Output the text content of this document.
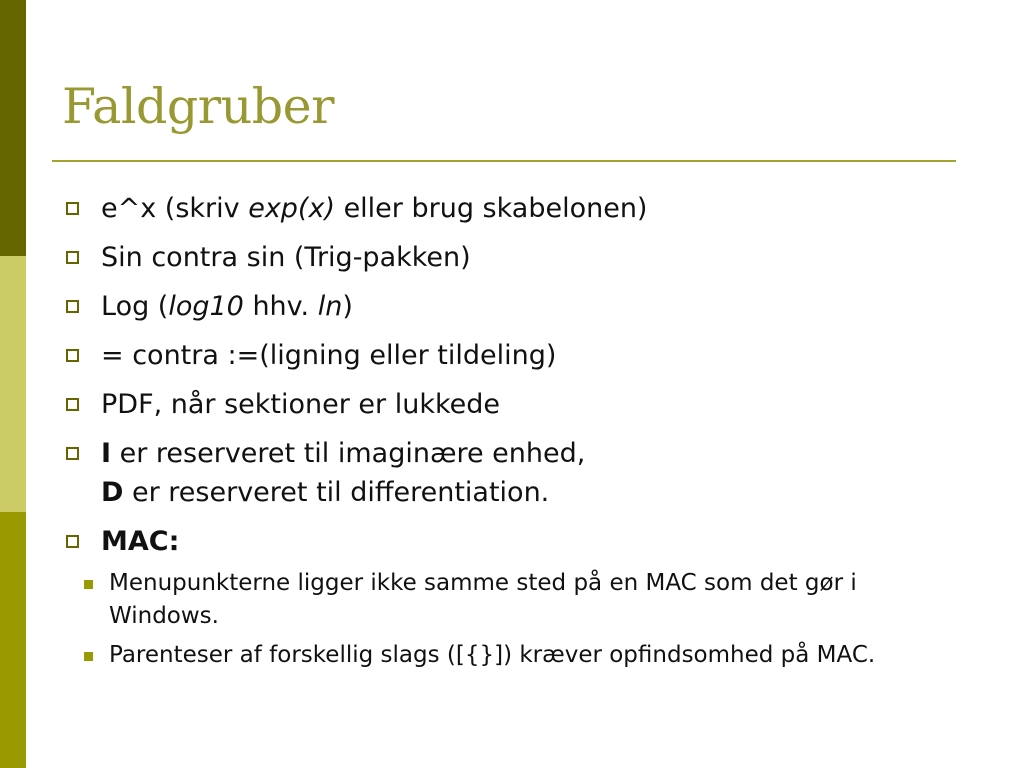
Faldgruber
e^x (skriv exp(x) eller brug skabelonen)
Sin contra sin (Trig-pakken)
Log (log10 hhv. ln)
= contra :=(ligning eller tildeling)
PDF, når sektioner er lukkede
I er reserveret til imaginære enhed,
D er reserveret til differentiation.
MAC:
Menupunkterne ligger ikke samme sted på en MAC som det gør i Windows.
Parenteser af forskellig slags ([{}]) kræver opfindsomhed på MAC.
